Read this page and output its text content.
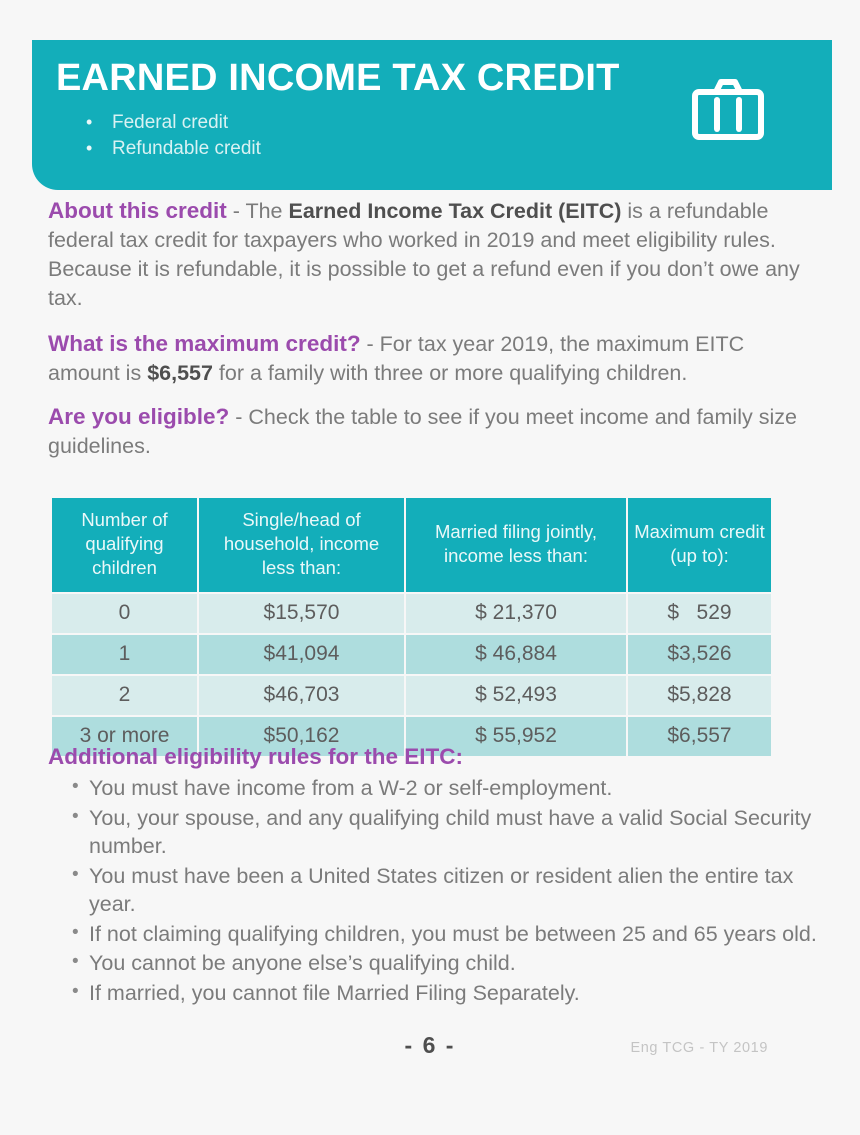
EARNED INCOME TAX CREDIT
• Federal credit
• Refundable credit

About this credit - The Earned Income Tax Credit (EITC) is a refundable federal tax credit for taxpayers who worked in 2019 and meet eligibility rules. Because it is refundable, it is possible to get a refund even if you don’t owe any tax.

What is the maximum credit? - For tax year 2019, the maximum EITC amount is $6,557 for a family with three or more qualifying children.

Are you eligible? - Check the table to see if you meet income and family size guidelines.

Number of qualifying children	Single/head of household, income less than:	Married filing jointly, income less than:	Maximum credit (up to):
0	$15,570	$ 21,370	$   529
1	$41,094	$ 46,884	$3,526
2	$46,703	$ 52,493	$5,828
3 or more	$50,162	$ 55,952	$6,557
Additional eligibility rules for the EITC:
• You must have income from a W-2 or self-employment.
• You, your spouse, and any qualifying child must have a valid Social Security number.
• You must have been a United States citizen or resident alien the entire tax year.
• If not claiming qualifying children, you must be between 25 and 65 years old.
• You cannot be anyone else’s qualifying child.
• If married, you cannot file Married Filing Separately.
- 6 -	Eng TCG - TY 2019
